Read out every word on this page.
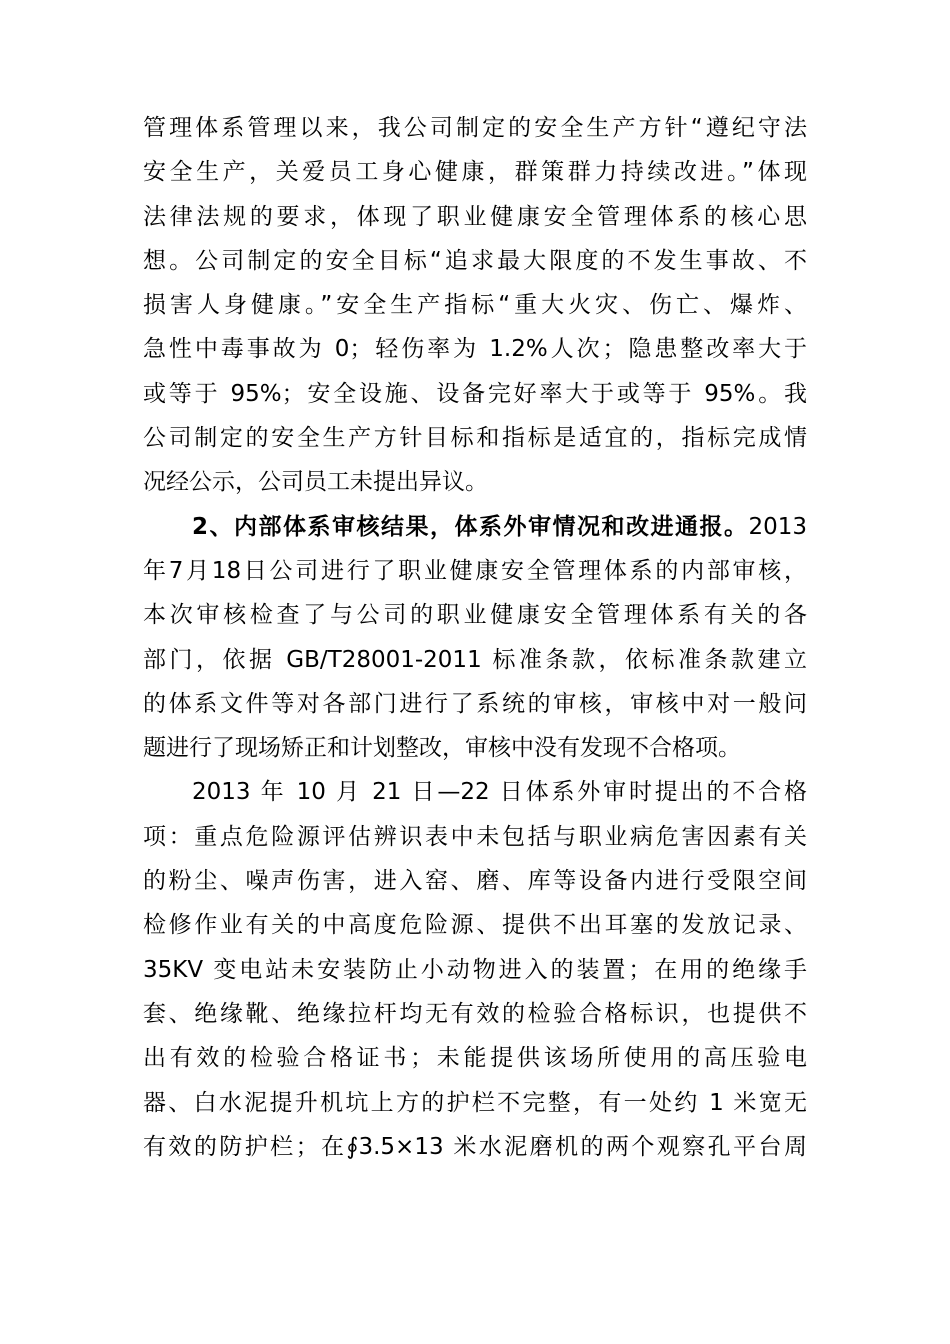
管理体系管理以来，我公司制定的安全生产方针“遵纪守法
安全生产，关爱员工身心健康，群策群力持续改进。”体现
法律法规的要求，体现了职业健康安全管理体系的核心思
想。公司制定的安全目标“追求最大限度的不发生事故、不
损害人身健康。”安全生产指标“重大火灾、伤亡、爆炸、
急性中毒事故为 0；轻伤率为 1.2%人次；隐患整改率大于
或等于 95%；安全设施、设备完好率大于或等于 95%。我
公司制定的安全生产方针目标和指标是适宜的，指标完成情
况经公示，公司员工未提出异议。
2、内部体系审核结果，体系外审情况和改进通报。2013
年7月18日公司进行了职业健康安全管理体系的内部审核，
本次审核检查了与公司的职业健康安全管理体系有关的各
部门，依据 GB/T28001-2011 标准条款，依标准条款建立
的体系文件等对各部门进行了系统的审核，审核中对一般问
题进行了现场矫正和计划整改，审核中没有发现不合格项。
2013 年 10 月 21 日—22 日体系外审时提出的不合格
项：重点危险源评估辨识表中未包括与职业病危害因素有关
的粉尘、噪声伤害，进入窑、磨、库等设备内进行受限空间
检修作业有关的中高度危险源、提供不出耳塞的发放记录、
35KV 变电站未安装防止小动物进入的装置；在用的绝缘手
套、绝缘靴、绝缘拉杆均无有效的检验合格标识，也提供不
出有效的检验合格证书；未能提供该场所使用的高压验电
器、白水泥提升机坑上方的护栏不完整，有一处约 1 米宽无
有效的防护栏；在∮3.5×13 米水泥磨机的两个观察孔平台周
